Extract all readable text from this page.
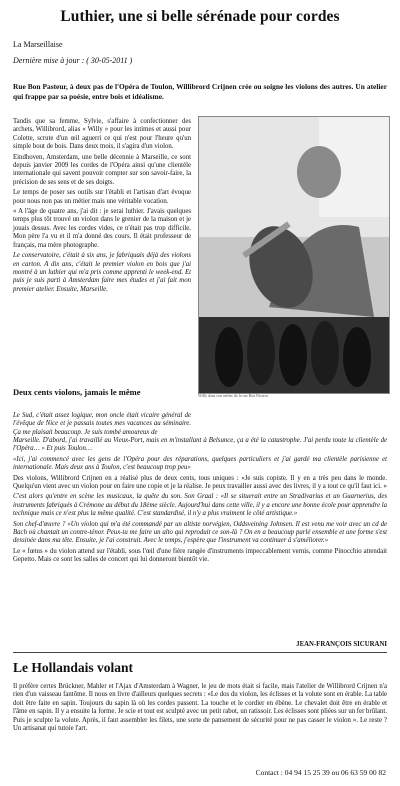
Luthier, une si belle sérénade pour cordes
La Marseillaise
Dernière mise à jour : ( 30-05-2011 )
Rue Bon Pasteur, à deux pas de l'Opéra de Toulon, Willibrord Crijnen crée ou soigne les violons des autres. Un atelier qui frappe par sa poésie, entre bois et idéalisme.

Tandis que sa femme, Sylvie, s'affaire à confectionner des archets, Willibrord, alias « Willy » pour les intimes et aussi pour Colette, scrute d'un œil aguerri ce qui n'est pour l'heure qu'un simple bout de bois. Dans deux mois, il s'agira d'un violon.

Eindhoven, Amsterdam, une belle décennie à Marseille, ce sont depuis janvier 2009 les cordes de l'Opéra ainsi qu'une clientèle internationale qui savent pouvoir compter sur son savoir-faire, la précision de ses sens et de ses doigts.

Le temps de poser ses outils sur l'établi et l'artisan d'art évoque pour nous non pas un métier mais une véritable vocation.

« A l'âge de quatre ans, j'ai dit : je serai luthier. J'avais quelques temps plus tôt trouvé un violon dans le grenier de la maison et je jouais dessus. Avec les cordes vides, ce n'était pas trop difficile. Mon père l'a vu et il m'a donné des cours. Il était professeur de français, ma mère photographe.

Le conservatoire, c'était à six ans, je fabriquais déjà des violons en carton. A dix ans, c'était le premier violon en bois que j'ai montré à un luthier qui m'a pris comme apprenti le week-end. Et puis je suis parti à Amsterdam faire mes études et j'ai fait mon premier atelier. Ensuite, Marseille.

Deux cents violons, jamais le même
Le Sud, c'était assez logique, mon oncle était vicaire général de l'évêque de Nice et je passais toutes mes vacances au séminaire. Ça me plaisait beaucoup. Je suis tombé amoureux de
Willy dans son atelier de la rue Bon Pasteur

Marseille. D'abord, j'ai travaillé au Vieux-Port, mais en m'installant à Belsunce, ça a été la catastrophe. J'ai perdu toute la clientèle de l'Opéra… » Et puis Toulon…

«Ici, j'ai commencé avec les gens de l'Opéra pour des réparations, quelques particuliers et j'ai gardé ma clientèle parisienne et internationale. Mais deux ans à Toulon, c'est beaucoup trop peu»

Des violons, Willibrord Crijnen en a réalisé plus de deux cents, tous uniques : «Je suis copiste. Il y en a très peu dans le monde. Quelqu'un vient avec un violon pour en faire une copie et je la réalise. Je peux travailler aussi avec des livres, il y a tout ce qu'il faut ici. »

C'est alors qu'entre en scène les musicaux, la quête du son. Son Graal : «Il se situerait entre un Stradivarius et un Guarnerius, des instruments fabriqués à Crémone au début du 18ème siècle. Aujourd'hui dans cette ville, il y a encore une bonne école pour apprendre la technique mais ce n'est plus la même qualité. C'est standardisé, il n'y a plus vraiment le côté artistique.»

Son chef-d'œuvre ? «Un violon qui m'a été commandé par un altiste norvégien, Oddsveining Johnsen. Il est venu me voir avec un cd de Bach où chantait un contre-ténor. Peux-tu me faire un alto qui reproduit ce son-là ? On en a beaucoup parlé ensemble et une forme s'est dessinée dans ma tête. Ensuite, je l'ai construit. Avec le temps, j'espère que l'instrument va continuer à s'améliorer.»

Le « fœtus » du violon attend sur l'établi, sous l'œil d'une fière rangée d'instruments impeccablement vernis, comme Pinocchio attendait Gepetto. Mais ce sont les salles de concert qui lui donneront bientôt vie.

JEAN-FRANÇOIS SICURANI
Le Hollandais volant
Il préfère certes Brückner, Mahler et l'Ajax d'Amsterdam à Wagner, le jeu de mots était si facile, mais l'atelier de Willibrord Crijnen n'a rien d'un vaisseau fantôme. Il nous en livre d'ailleurs quelques secrets : «Le dos du violon, les éclisses et la volute sont en érable. La table doit être faite en sapin. Toujours du sapin là où les cordes passent. La touche et le cordier en ébène. Le chevalet doit être en érable et l'âme en sapin. Il y a ensuite la forme. Je scie et tout est sculpté avec un petit rabot, un ratissoir. Les éclisses sont pliées sur un fer brûlant. Puis je sculpte la volute. Après, il faut assembler les filets, une sorte de pansement de sécurité pour ne pas casser le violon ». Le reste ? Un artisanat qui tutoie l'art.
Contact : 04 94 15 25 39 ou 06 63 59 00 82
